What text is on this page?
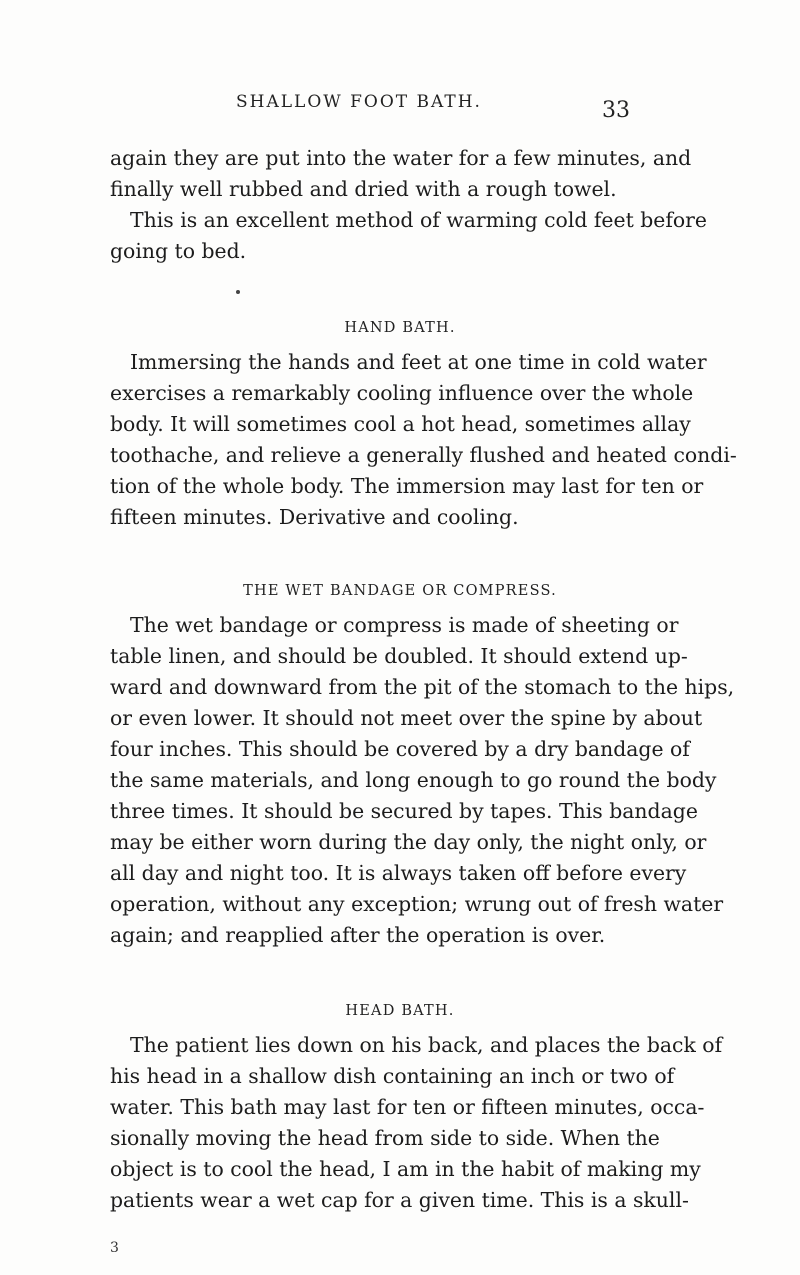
SHALLOW FOOT BATH.	33
again they are put into the water for a few minutes, and
finally well rubbed and dried with a rough towel.
This is an excellent method of warming cold feet before
going to bed.
HAND BATH.
Immersing the hands and feet at one time in cold water
exercises a remarkably cooling influence over the whole
body. It will sometimes cool a hot head, sometimes allay
toothache, and relieve a generally flushed and heated condi-
tion of the whole body. The immersion may last for ten or
fifteen minutes. Derivative and cooling.
THE WET BANDAGE OR COMPRESS.
The wet bandage or compress is made of sheeting or
table linen, and should be doubled. It should extend up-
ward and downward from the pit of the stomach to the hips,
or even lower. It should not meet over the spine by about
four inches. This should be covered by a dry bandage of
the same materials, and long enough to go round the body
three times. It should be secured by tapes. This bandage
may be either worn during the day only, the night only, or
all day and night too. It is always taken off before every
operation, without any exception; wrung out of fresh water
again; and reapplied after the operation is over.
HEAD BATH.
The patient lies down on his back, and places the back of
his head in a shallow dish containing an inch or two of
water. This bath may last for ten or fifteen minutes, occa-
sionally moving the head from side to side. When the
object is to cool the head, I am in the habit of making my
patients wear a wet cap for a given time. This is a skull-
3
